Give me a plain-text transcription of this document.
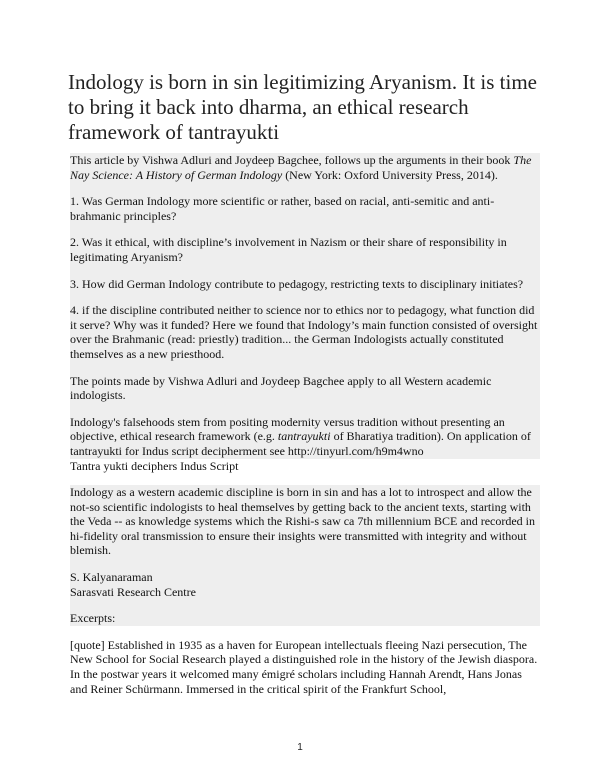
Indology is born in sin legitimizing Aryanism. It is time to bring it back into dharma, an ethical research framework of tantrayukti

This article by Vishwa Adluri and Joydeep Bagchee, follows up the arguments in their book The Nay Science: A History of German Indology (New York: Oxford University Press, 2014).

1. Was German Indology more scientific or rather, based on racial, anti-semitic and anti-brahmanic principles?

2. Was it ethical, with discipline’s involvement in Nazism or their share of responsibility in legitimating Aryanism?

3. How did German Indology contribute to pedagogy, restricting texts to disciplinary initiates?

4. if the discipline contributed neither to science nor to ethics nor to pedagogy, what function did it serve? Why was it funded? Here we found that Indology’s main function consisted of oversight over the Brahmanic (read: priestly) tradition... the German Indologists actually constituted themselves as a new priesthood.

The points made by Vishwa Adluri and Joydeep Bagchee apply to all Western academic indologists.

Indology's falsehoods stem from positing modernity versus tradition without presenting an objective, ethical research framework (e.g. tantrayukti of Bharatiya tradition). On application of tantrayukti for Indus script decipherment see http://tinyurl.com/h9m4wno

Tantra yukti deciphers Indus Script

Indology as a western academic discipline is born in sin and has a lot to introspect and allow the not-so scientific indologists to heal themselves by getting back to the ancient texts, starting with the Veda -- as knowledge systems which the Rishi-s saw ca 7th millennium BCE and recorded in hi-fidelity oral transmission to ensure their insights were transmitted with integrity and without blemish.

S. Kalyanaraman

Sarasvati Research Centre

Excerpts:

[quote] Established in 1935 as a haven for European intellectuals fleeing Nazi persecution, The New School for Social Research played a distinguished role in the history of the Jewish diaspora. In the postwar years it welcomed many émigré scholars including Hannah Arendt, Hans Jonas and Reiner Schürmann. Immersed in the critical spirit of the Frankfurt School,

1
